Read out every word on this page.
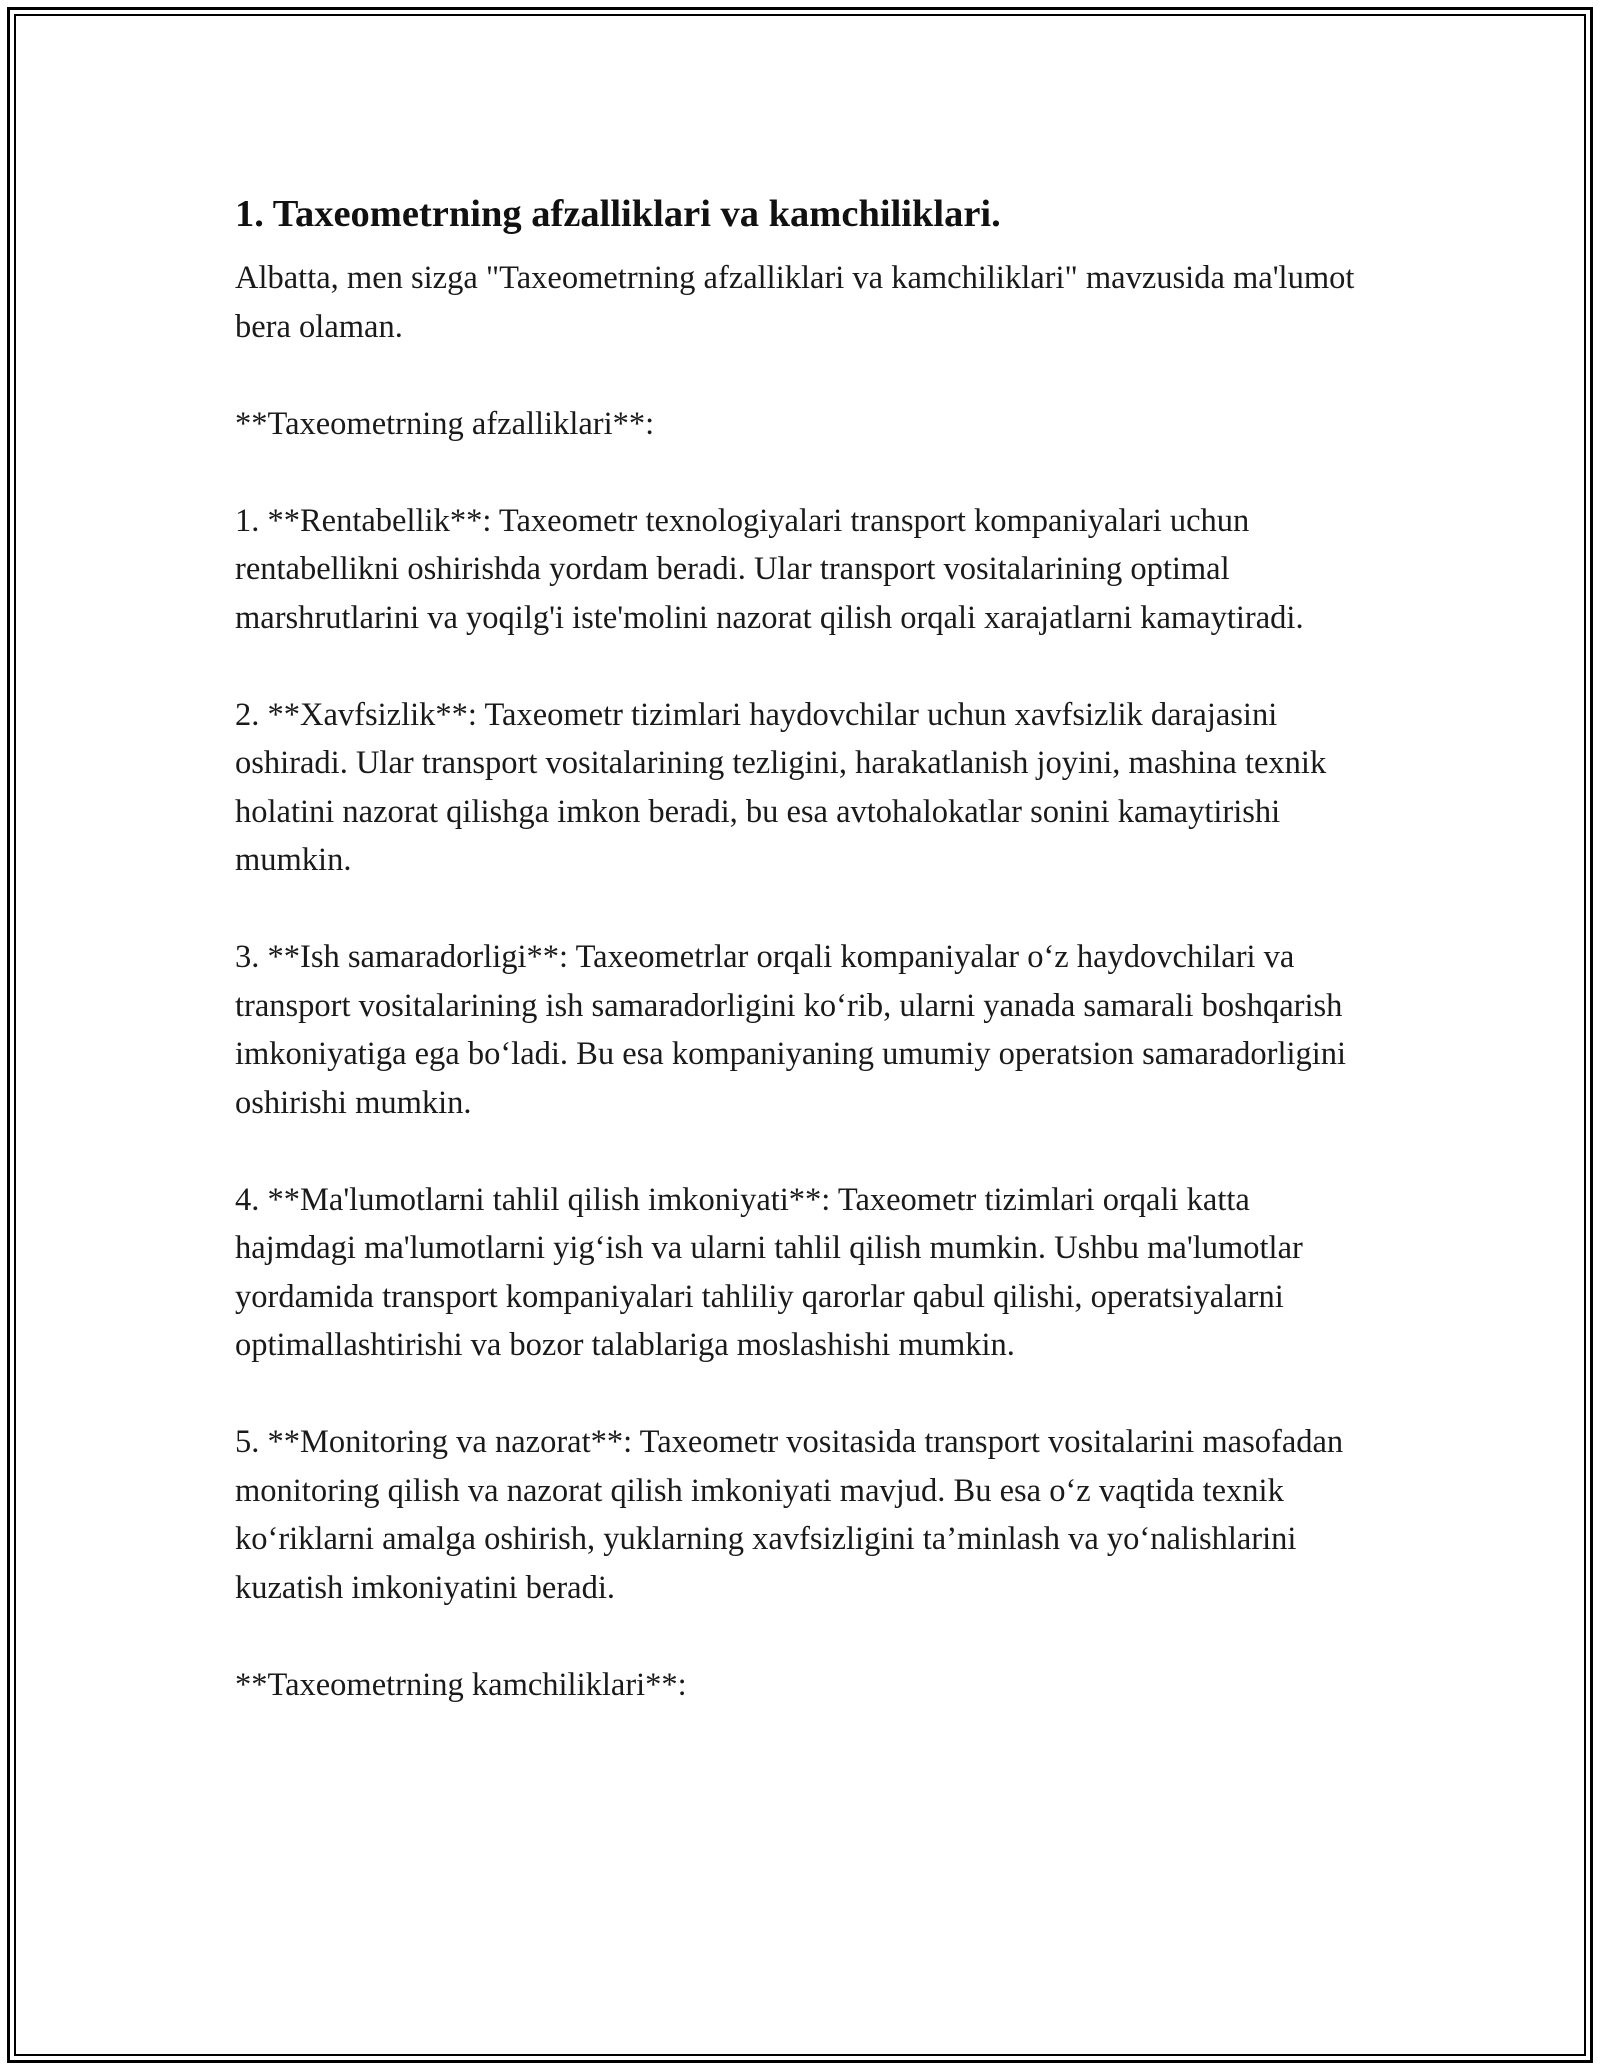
1. Taxeometrning afzalliklari va kamchiliklari.

Albatta, men sizga "Taxeometrning afzalliklari va kamchiliklari" mavzusida ma'lumot bera olaman.

**Taxeometrning afzalliklari**:

1. **Rentabellik**: Taxeometr texnologiyalari transport kompaniyalari uchun rentabellikni oshirishda yordam beradi. Ular transport vositalarining optimal marshrutlarini va yoqilg'i iste'molini nazorat qilish orqali xarajatlarni kamaytiradi.

2. **Xavfsizlik**: Taxeometr tizimlari haydovchilar uchun xavfsizlik darajasini oshiradi. Ular transport vositalarining tezligini, harakatlanish joyini, mashina texnik holatini nazorat qilishga imkon beradi, bu esa avtohalokatlar sonini kamaytirishi mumkin.

3. **Ish samaradorligi**: Taxeometrlar orqali kompaniyalar o‘z haydovchilari va transport vositalarining ish samaradorligini ko‘rib, ularni yanada samarali boshqarish imkoniyatiga ega bo‘ladi. Bu esa kompaniyaning umumiy operatsion samaradorligini oshirishi mumkin.

4. **Ma'lumotlarni tahlil qilish imkoniyati**: Taxeometr tizimlari orqali katta hajmdagi ma'lumotlarni yig‘ish va ularni tahlil qilish mumkin. Ushbu ma'lumotlar yordamida transport kompaniyalari tahliliy qarorlar qabul qilishi, operatsiyalarni optimallashtirishi va bozor talablariga moslashishi mumkin.

5. **Monitoring va nazorat**: Taxeometr vositasida transport vositalarini masofadan monitoring qilish va nazorat qilish imkoniyati mavjud. Bu esa o‘z vaqtida texnik ko‘riklarni amalga oshirish, yuklarning xavfsizligini ta’minlash va yo‘nalishlarini kuzatish imkoniyatini beradi.

**Taxeometrning kamchiliklari**:
